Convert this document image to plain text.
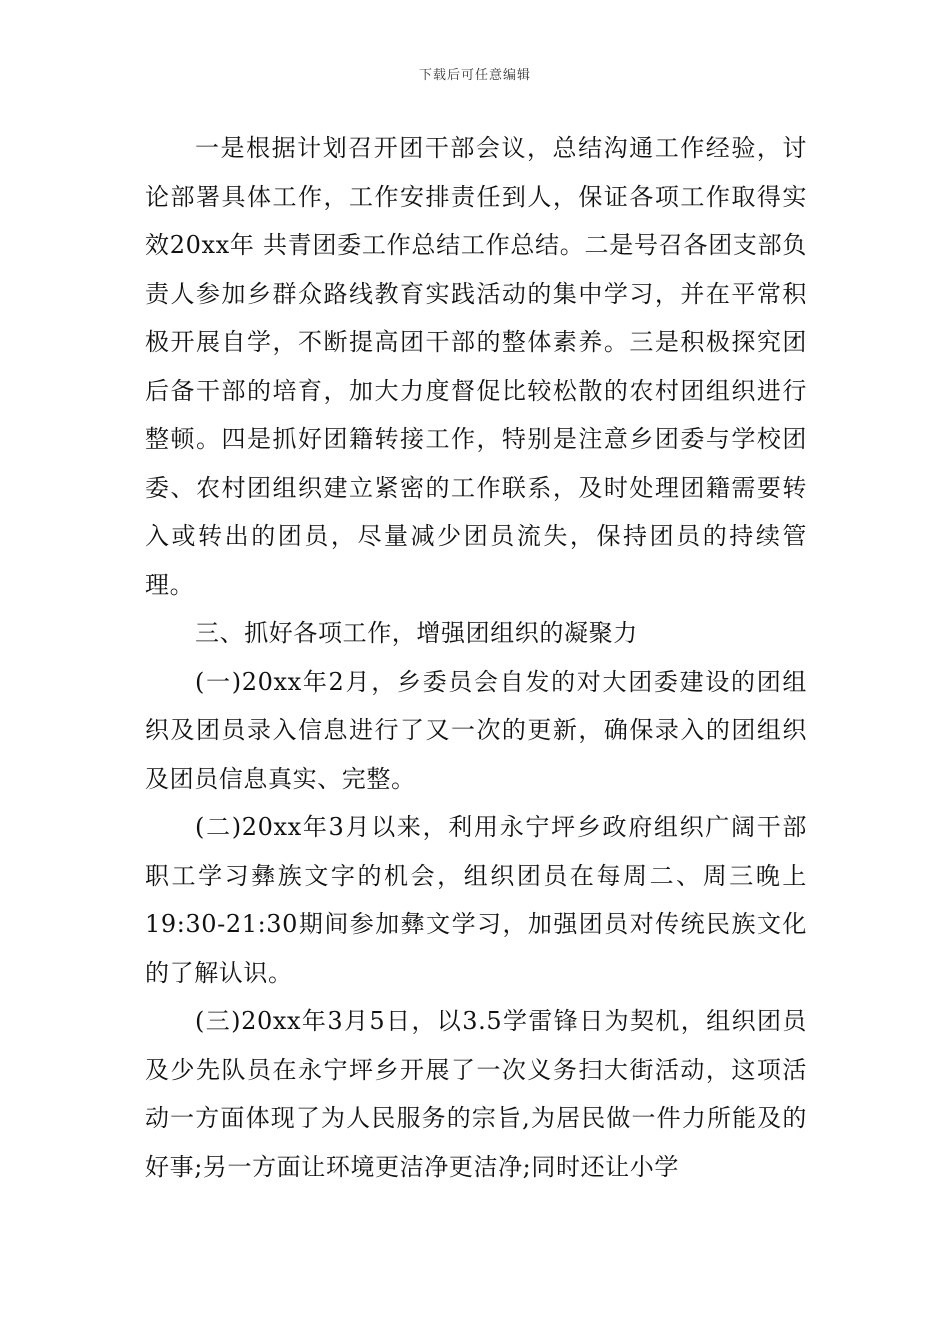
下载后可任意编辑

一是根据计划召开团干部会议，总结沟通工作经验，讨论部署具体工作，工作安排责任到人，保证各项工作取得实效20xx年 共青团委工作总结工作总结。二是号召各团支部负责人参加乡群众路线教育实践活动的集中学习，并在平常积极开展自学，不断提高团干部的整体素养。三是积极探究团后备干部的培育，加大力度督促比较松散的农村团组织进行整顿。四是抓好团籍转接工作，特别是注意乡团委与学校团委、农村团组织建立紧密的工作联系，及时处理团籍需要转入或转出的团员，尽量减少团员流失，保持团员的持续管理。

三、抓好各项工作，增强团组织的凝聚力

(一)20xx年2月，乡委员会自发的对大团委建设的团组织及团员录入信息进行了又一次的更新，确保录入的团组织及团员信息真实、完整。

(二)20xx年3月以来，利用永宁坪乡政府组织广阔干部职工学习彝族文字的机会，组织团员在每周二、周三晚上19:30-21:30期间参加彝文学习，加强团员对传统民族文化的了解认识。

(三)20xx年3月5日，以3.5学雷锋日为契机，组织团员及少先队员在永宁坪乡开展了一次义务扫大街活动，这项活动一方面体现了为人民服务的宗旨,为居民做一件力所能及的好事;另一方面让环境更洁净更洁净;同时还让小学
